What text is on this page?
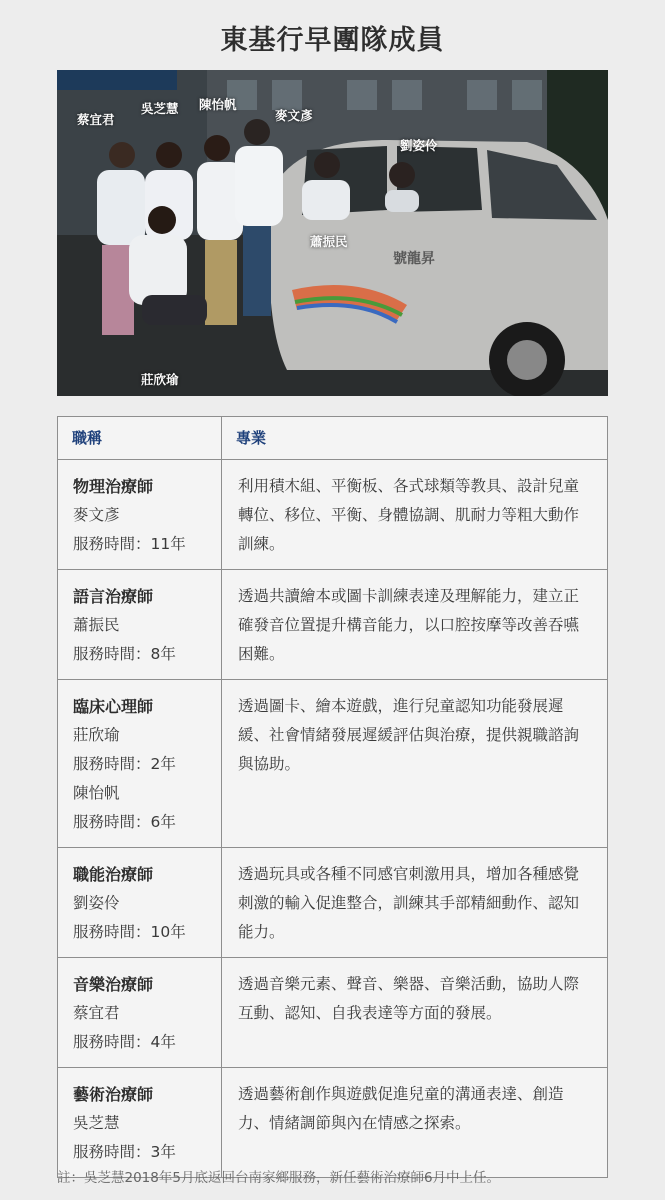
東基行早團隊成員
蔡宜君
吳芝慧 陳怡帆
麥文彥
劉姿伶
蕭振民
莊欣瑜
號龍昇
職稱	專業

物理治療師
麥文彥
服務時間：11年	利用積木組、平衡板、各式球類等教具、設計兒童轉位、移位、平衡、身體協調、肌耐力等粗大動作訓練。

語言治療師
蕭振民
服務時間：8年	透過共讀繪本或圖卡訓練表達及理解能力，建立正確發音位置提升構音能力，以口腔按摩等改善吞嚥困難。

臨床心理師
莊欣瑜
服務時間：2年
陳怡帆
服務時間：6年	透過圖卡、繪本遊戲，進行兒童認知功能發展遲緩、社會情緒發展遲緩評估與治療，提供親職諮詢與協助。

職能治療師
劉姿伶
服務時間：10年	透過玩具或各種不同感官刺激用具，增加各種感覺刺激的輸入促進整合，訓練其手部精細動作、認知能力。

音樂治療師
蔡宜君
服務時間：4年	透過音樂元素、聲音、樂器、音樂活動，協助人際互動、認知、自我表達等方面的發展。

藝術治療師
吳芝慧
服務時間：3年	透過藝術創作與遊戲促進兒童的溝通表達、創造力、情緒調節與內在情感之探索。
註：吳芝慧2018年5月底返回台南家鄉服務，新任藝術治療師6月中上任。
